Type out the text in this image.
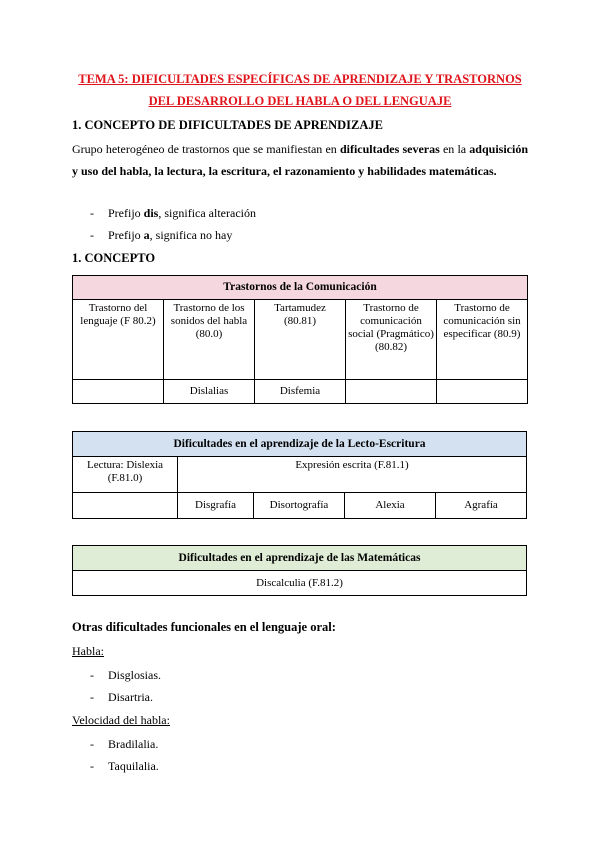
TEMA 5: DIFICULTADES ESPECÍFICAS DE APRENDIZAJE Y TRASTORNOS
DEL DESARROLLO DEL HABLA O DEL LENGUAJE
1. CONCEPTO DE DIFICULTADES DE APRENDIZAJE
Grupo heterogéneo de trastornos que se manifiestan en dificultades severas en la adquisición y uso del habla, la lectura, la escritura, el razonamiento y habilidades matemáticas.
- Prefijo dis, significa alteración
- Prefijo a, significa no hay
1. CONCEPTO
Trastornos de la Comunicación				
Trastorno del lenguaje (F 80.2)	Trastorno de los sonidos del habla (80.0)	Tartamudez (80.81)	Trastorno de comunicación social (Pragmático) (80.82)	Trastorno de comunicación sin especificar (80.9)
	Dislalias	Disfemia		
Dificultades en el aprendizaje de la Lecto-Escritura				
Lectura: Dislexia (F.81.0)	Expresión escrita (F.81.1)			
	Disgrafía	Disortografía	Alexia	Agrafía
Dificultades en el aprendizaje de las Matemáticas
Discalculia (F.81.2)
Otras dificultades funcionales en el lenguaje oral:
Habla:
- Disglosias.
- Disartria.
Velocidad del habla:
- Bradilalia.
- Taquilalia.
